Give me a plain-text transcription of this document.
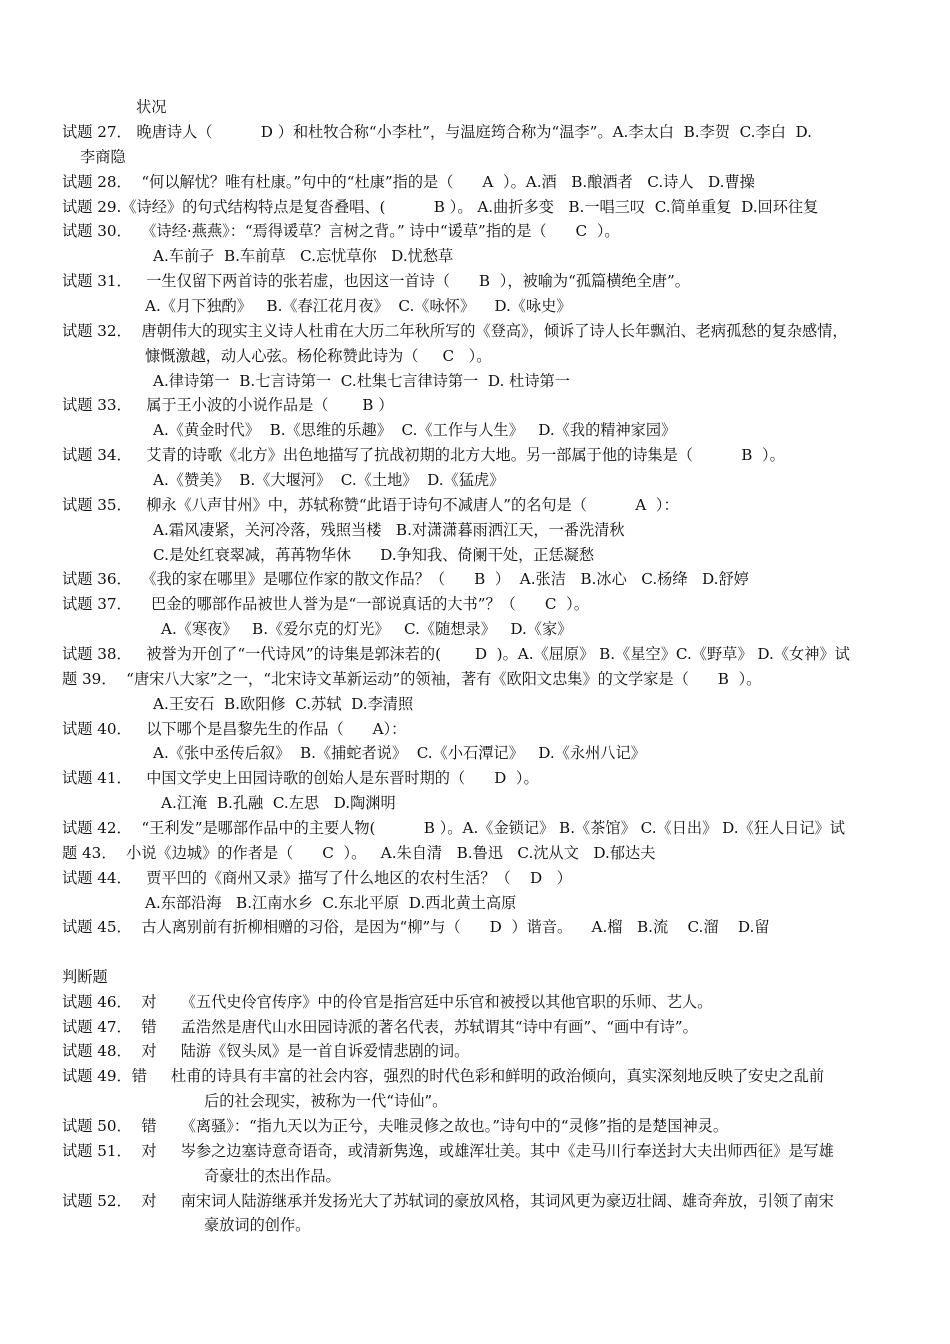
状况
试题 27． 晚唐诗人（          D ）和杜牧合称“小李杜”，与温庭筠合称为“温李”。A.李太白  B.李贺  C.李白  D.
李商隐
试题 28．  “何以解忧？唯有杜康。”句中的“杜康”指的是（      A  ）。A.酒   B.酿酒者   C.诗人   D.曹操
试题 29.《诗经》的句式结构特点是复沓叠唱、(          B ）。 A.曲折多变   B.一唱三叹  C.简单重复  D.回环往复
试题 30．  《诗经·燕燕》：“焉得谖草？言树之背。” 诗中“谖草”指的是（      C  ）。
A.车前子  B.车前草   C.忘忧草你   D.忧愁草
试题 31．   一生仅留下两首诗的张若虚，也因这一首诗（      B  ），被喻为“孤篇横绝全唐”。
A.《月下独酌》   B.《春江花月夜》  C.《咏怀》    D.《咏史》
试题 32．  唐朝伟大的现实主义诗人杜甫在大历二年秋所写的《登高》，倾诉了诗人长年飘泊、老病孤愁的复杂感情，
慷慨激越，动人心弦。杨伦称赞此诗为（     C   ）。
A.律诗第一  B.七言诗第一  C.杜集七言律诗第一  D. 杜诗第一
试题 33．   属于王小波的小说作品是（       B ）
A.《黄金时代》  B.《思维的乐趣》  C.《工作与人生》   D.《我的精神家园》
试题 34．   艾青的诗歌《北方》出色地描写了抗战初期的北方大地。另一部属于他的诗集是（          B  ）。
A.《赞美》  B.《大堰河》  C.《土地》  D.《猛虎》
试题 35．   柳永《八声甘州》中，苏轼称赞“此语于诗句不减唐人”的名句是（          A  ）：
A.霜风凄紧，关河冷落，残照当楼   B.对潇潇暮雨洒江天，一番洗清秋
C.是处红衰翠减，苒苒物华休      D.争知我、倚阑干处，正恁凝愁
试题 36．  《我的家在哪里》是哪位作家的散文作品？（      B  ）  A.张洁   B.冰心   C.杨绛   D.舒婷
试题 37．    巴金的哪部作品被世人誉为是“一部说真话的大书”？（      C  ）。
A.《寒夜》   B.《爱尔克的灯光》   C.《随想录》   D.《家》
试题 38．   被誉为开创了“一代诗风”的诗集是郭沫若的(       D  )。A.《屈原》 B.《星空》C.《野草》 D.《女神》试
题 39．  “唐宋八大家”之一，“北宋诗文革新运动”的领袖，著有《欧阳文忠集》的文学家是（      B  ）。
A.王安石  B.欧阳修  C.苏轼  D.李清照
试题 40．   以下哪个是昌黎先生的作品（      A）：
A.《张中丞传后叙》  B.《捕蛇者说》  C.《小石潭记》   D.《永州八记》
试题 41．   中国文学史上田园诗歌的创始人是东晋时期的（      D  ）。
A.江淹  B.孔融  C.左思   D.陶渊明
试题 42．  “王利发”是哪部作品中的主要人物(          B ）。A.《金锁记》 B.《茶馆》 C.《日出》 D.《狂人日记》试
题 43．  小说《边城》的作者是（      C  ）。   A.朱自清   B.鲁迅   C.沈从文   D.郁达夫
试题 44．   贾平凹的《商州又录》描写了什么地区的农村生活？（    D   ）
A.东部沿海   B.江南水乡  C.东北平原  D.西北黄土高原
试题 45．  古人离别前有折柳相赠的习俗，是因为“柳”与（      D  ）谐音。    A.榴   B.流    C.溜    D.留
判断题
试题 46．  对     《五代史伶官传序》中的伶官是指宫廷中乐官和被授以其他官职的乐师、艺人。
试题 47．  错     孟浩然是唐代山水田园诗派的著名代表，苏轼谓其“诗中有画”、“画中有诗”。
试题 48．  对     陆游《钗头凤》是一首自诉爱情悲剧的词。
试题 49．错     杜甫的诗具有丰富的社会内容，强烈的时代色彩和鲜明的政治倾向，真实深刻地反映了安史之乱前
后的社会现实，被称为一代“诗仙”。
试题 50．  错     《离骚》：“指九天以为正兮，夫唯灵修之故也。”诗句中的“灵修”指的是楚国神灵。
试题 51．  对     岑参之边塞诗意奇语奇，或清新隽逸，或雄浑壮美。其中《走马川行奉送封大夫出师西征》是写雄
奇豪壮的杰出作品。
试题 52．  对     南宋词人陆游继承并发扬光大了苏轼词的豪放风格，其词风更为豪迈壮阔、雄奇奔放，引领了南宋
豪放词的创作。
